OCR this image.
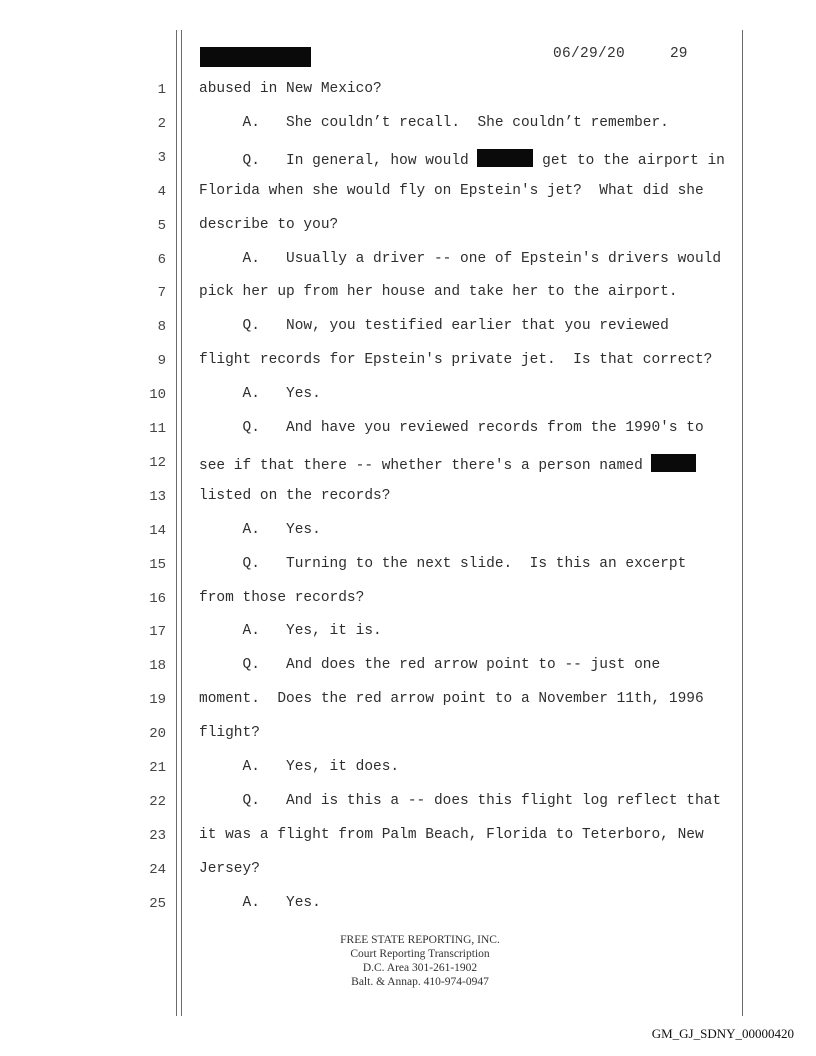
06/29/20	29
1 abused in New Mexico?
2 A.   She couldn’t recall.  She couldn’t remember.
3 Q.   In general, how would	get to the airport in
4 Florida when she would fly on Epstein's jet?  What did she
5 describe to you?
6 A.   Usually a driver -- one of Epstein's drivers would
7 pick her up from her house and take her to the airport.
8 Q.   Now, you testified earlier that you reviewed
9 flight records for Epstein's private jet.  Is that correct?
10 A.   Yes.
11 Q.   And have you reviewed records from the 1990's to
12 see if that there -- whether there's a person named
13 listed on the records?
14 A.   Yes.
15 Q.   Turning to the next slide.  Is this an excerpt
16 from those records?
17 A.   Yes, it is.
18 Q.   And does the red arrow point to -- just one
19 moment.  Does the red arrow point to a November 11th, 1996
20 flight?
21 A.   Yes, it does.
22 Q.   And is this a -- does this flight log reflect that
23 it was a flight from Palm Beach, Florida to Teterboro, New
24 Jersey?
25 A.   Yes.
FREE STATE REPORTING, INC.
Court Reporting Transcription
D.C. Area 301-261-1902
Balt. & Annap. 410-974-0947
GM_GJ_SDNY_00000420
